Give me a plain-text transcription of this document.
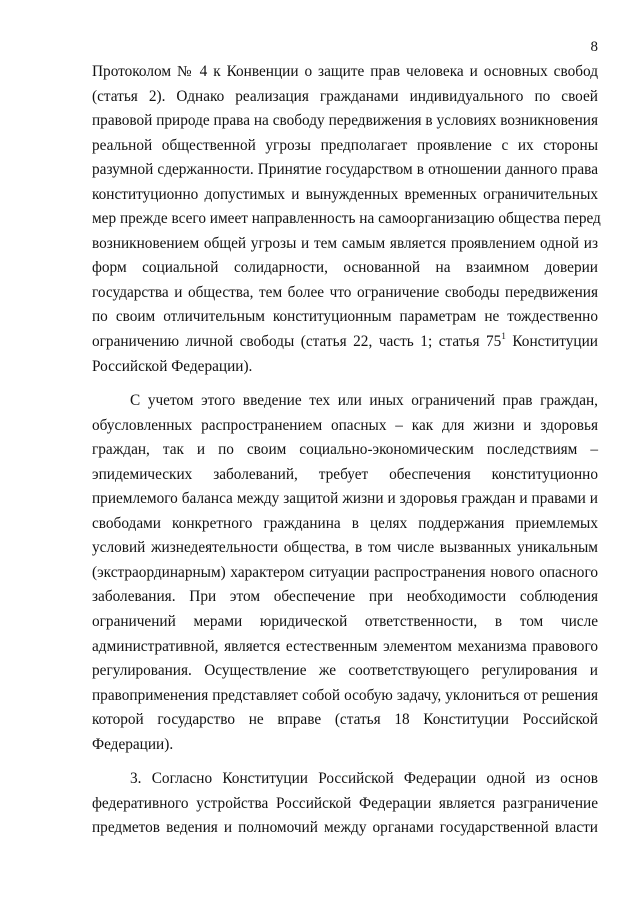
8
Протоколом № 4 к Конвенции о защите прав человека и основных свобод
(статья 2). Однако реализация гражданами индивидуального по своей
правовой природе права на свободу передвижения в условиях возникновения
реальной общественной угрозы предполагает проявление с их стороны
разумной сдержанности. Принятие государством в отношении данного права
конституционно допустимых и вынужденных временных ограничительных
мер прежде всего имеет направленность на самоорганизацию общества перед
возникновением общей угрозы и тем самым является проявлением одной из
форм социальной солидарности, основанной на взаимном доверии
государства и общества, тем более что ограничение свободы передвижения
по своим отличительным конституционным параметрам не тождественно
ограничению личной свободы (статья 22, часть 1; статья $75^1$ Конституции
Российской Федерации).
С учетом этого введение тех или иных ограничений прав граждан,
обусловленных распространением опасных – как для жизни и здоровья
граждан, так и по своим социально-экономическим последствиям –
эпидемических заболеваний, требует обеспечения конституционно
приемлемого баланса между защитой жизни и здоровья граждан и правами и
свободами конкретного гражданина в целях поддержания приемлемых
условий жизнедеятельности общества, в том числе вызванных уникальным
(экстраординарным) характером ситуации распространения нового опасного
заболевания. При этом обеспечение при необходимости соблюдения
ограничений мерами юридической ответственности, в том числе
административной, является естественным элементом механизма правового
регулирования. Осуществление же соответствующего регулирования и
правоприменения представляет собой особую задачу, уклониться от решения
которой государство не вправе (статья 18 Конституции Российской
Федерации).
3. Согласно Конституции Российской Федерации одной из основ
федеративного устройства Российской Федерации является разграничение
предметов ведения и полномочий между органами государственной власти
